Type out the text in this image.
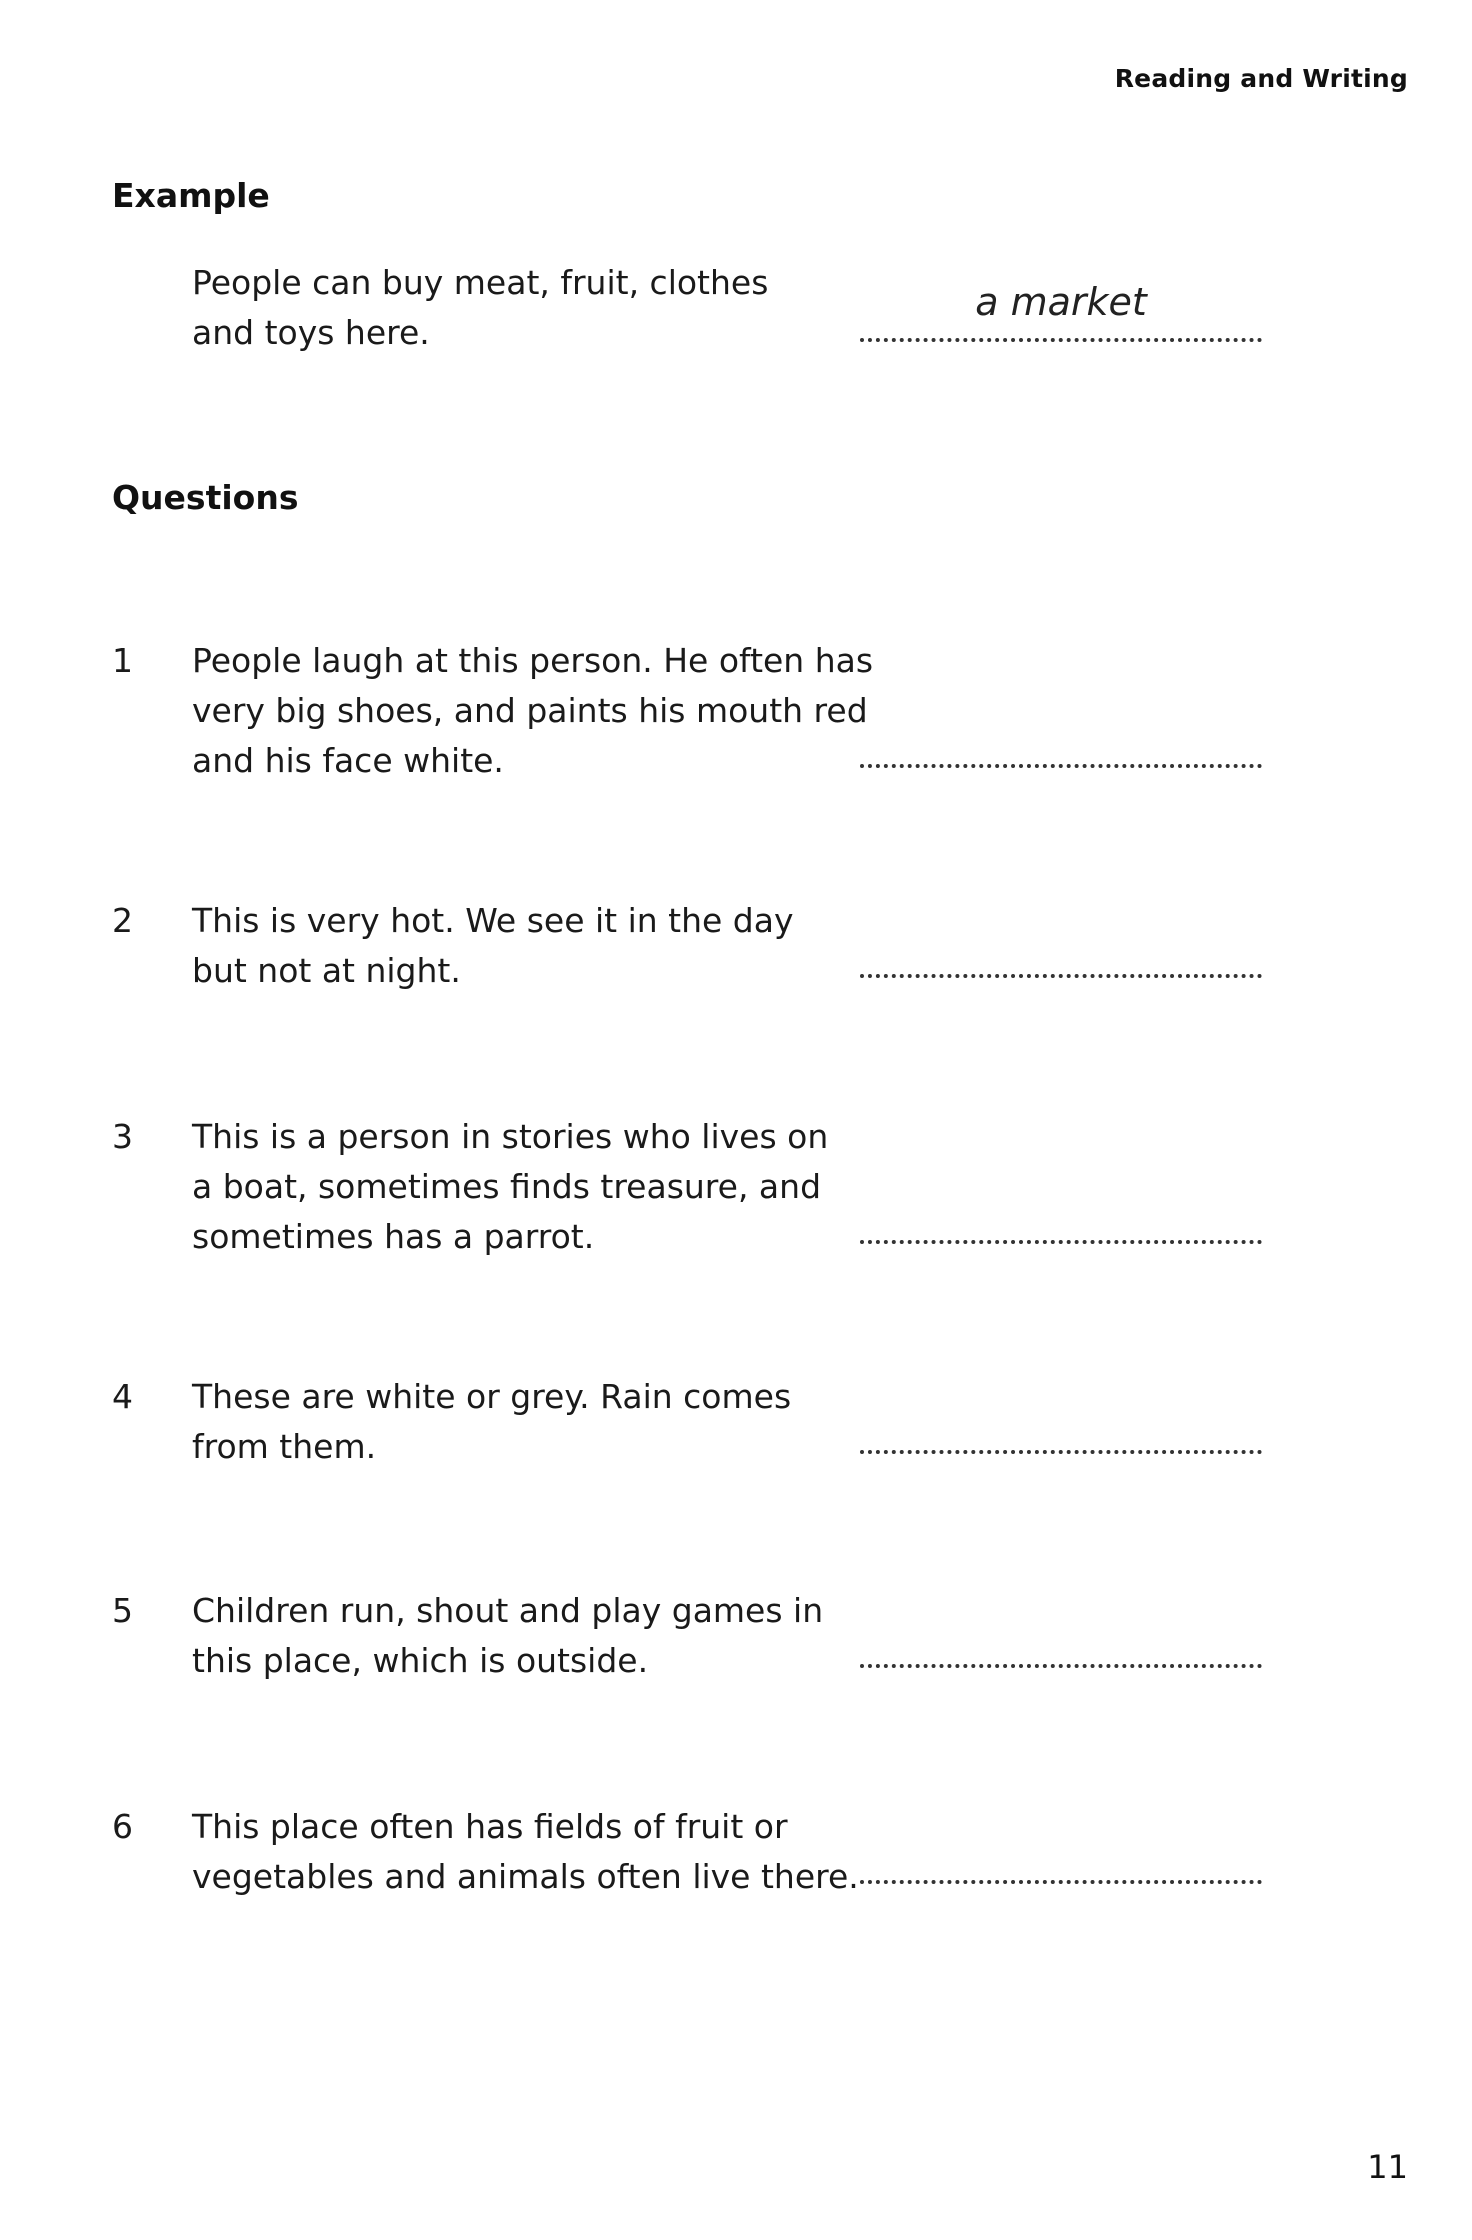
Reading and Writing
Example
People can buy meat, fruit, clothes
and toys here.
a market
Questions
1	People laugh at this person. He often has
very big shoes, and paints his mouth red
and his face white.
2	This is very hot. We see it in the day
but not at night.
3	This is a person in stories who lives on
a boat, sometimes finds treasure, and
sometimes has a parrot.
4	These are white or grey. Rain comes
from them.
5	Children run, shout and play games in
this place, which is outside.
6	This place often has fields of fruit or
vegetables and animals often live there.
11
